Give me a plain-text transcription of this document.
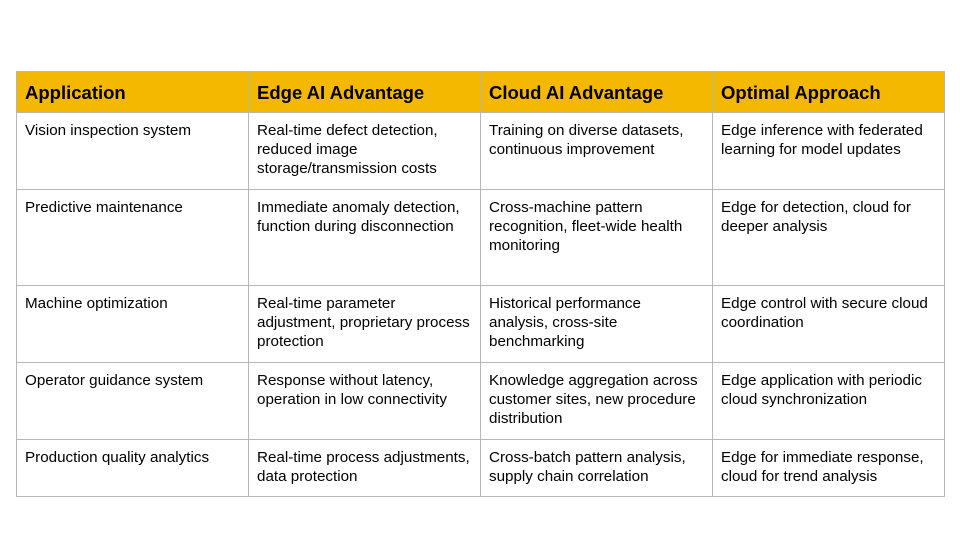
Application	Edge AI Advantage	Cloud AI Advantage	Optimal Approach
Vision inspection system	Real-time defect detection, reduced image storage/transmission costs	Training on diverse datasets, continuous improvement	Edge inference with federated learning for model updates
Predictive maintenance	Immediate anomaly detection, function during disconnection	Cross-machine pattern recognition, fleet-wide health monitoring	Edge for detection, cloud for deeper analysis
Machine optimization	Real-time parameter adjustment, proprietary process protection	Historical performance analysis, cross-site benchmarking	Edge control with secure cloud coordination
Operator guidance system	Response without latency, operation in low connectivity	Knowledge aggregation across customer sites, new procedure distribution	Edge application with periodic cloud synchronization
Production quality analytics	Real-time process adjustments, data protection	Cross-batch pattern analysis, supply chain correlation	Edge for immediate response, cloud for trend analysis
